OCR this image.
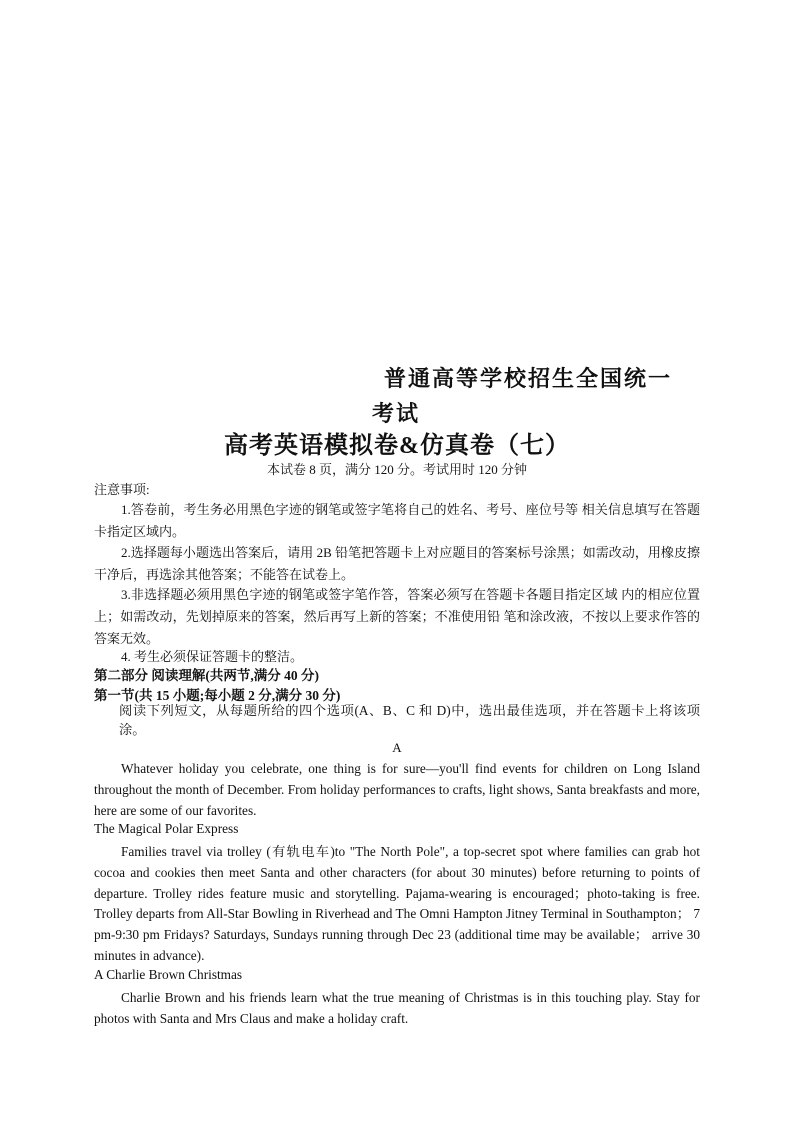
普通高等学校招生全国统一
考试
高考英语模拟卷&仿真卷（七）
本试卷 8 页，满分 120 分。考试用时 120 分钟
注意事项:
1.答卷前，考生务必用黑色字迹的钢笔或签字笔将自己的姓名、考号、座位号等 相关信息填写在答题卡指定区域内。
2.选择题每小题选出答案后，请用 2B 铅笔把答题卡上对应题目的答案标号涂黑；如需改动，用橡皮擦干净后，再选涂其他答案；不能答在试卷上。
3.非选择题必须用黑色字迹的钢笔或签字笔作答，答案必须写在答题卡各题目指定区域 内的相应位置上；如需改动，先划掉原来的答案，然后再写上新的答案；不准使用铅 笔和涂改液，不按以上要求作答的答案无效。
4. 考生必须保证答题卡的整洁。
第二部分 阅读理解(共两节,满分 40 分)
第一节(共 15 小题;每小题 2 分,满分 30 分)
阅读下列短文，从每题所给的四个选项(A、B、C 和 D)中，选出最佳选项，并在答题卡上将该项涂。
A
Whatever holiday you celebrate, one thing is for sure—you'll find events for children on Long Island throughout the month of December. From holiday performances to crafts, light shows, Santa breakfasts and more, here are some of our favorites.
The Magical Polar Express
Families travel via trolley (有轨电车)to "The North Pole", a top-secret spot where families can grab hot cocoa and cookies then meet Santa and other characters (for about 30 minutes) before returning to points of departure. Trolley rides feature music and storytelling. Pajama-wearing is encouraged；photo-taking is free. Trolley departs from All-Star Bowling in Riverhead and The Omni Hampton Jitney Terminal in Southampton； 7 pm-9:30 pm Fridays? Saturdays, Sundays running through Dec 23 (additional time may be available； arrive 30 minutes in advance).
A Charlie Brown Christmas
Charlie Brown and his friends learn what the true meaning of Christmas is in this touching play. Stay for photos with Santa and Mrs Claus and make a holiday craft.
